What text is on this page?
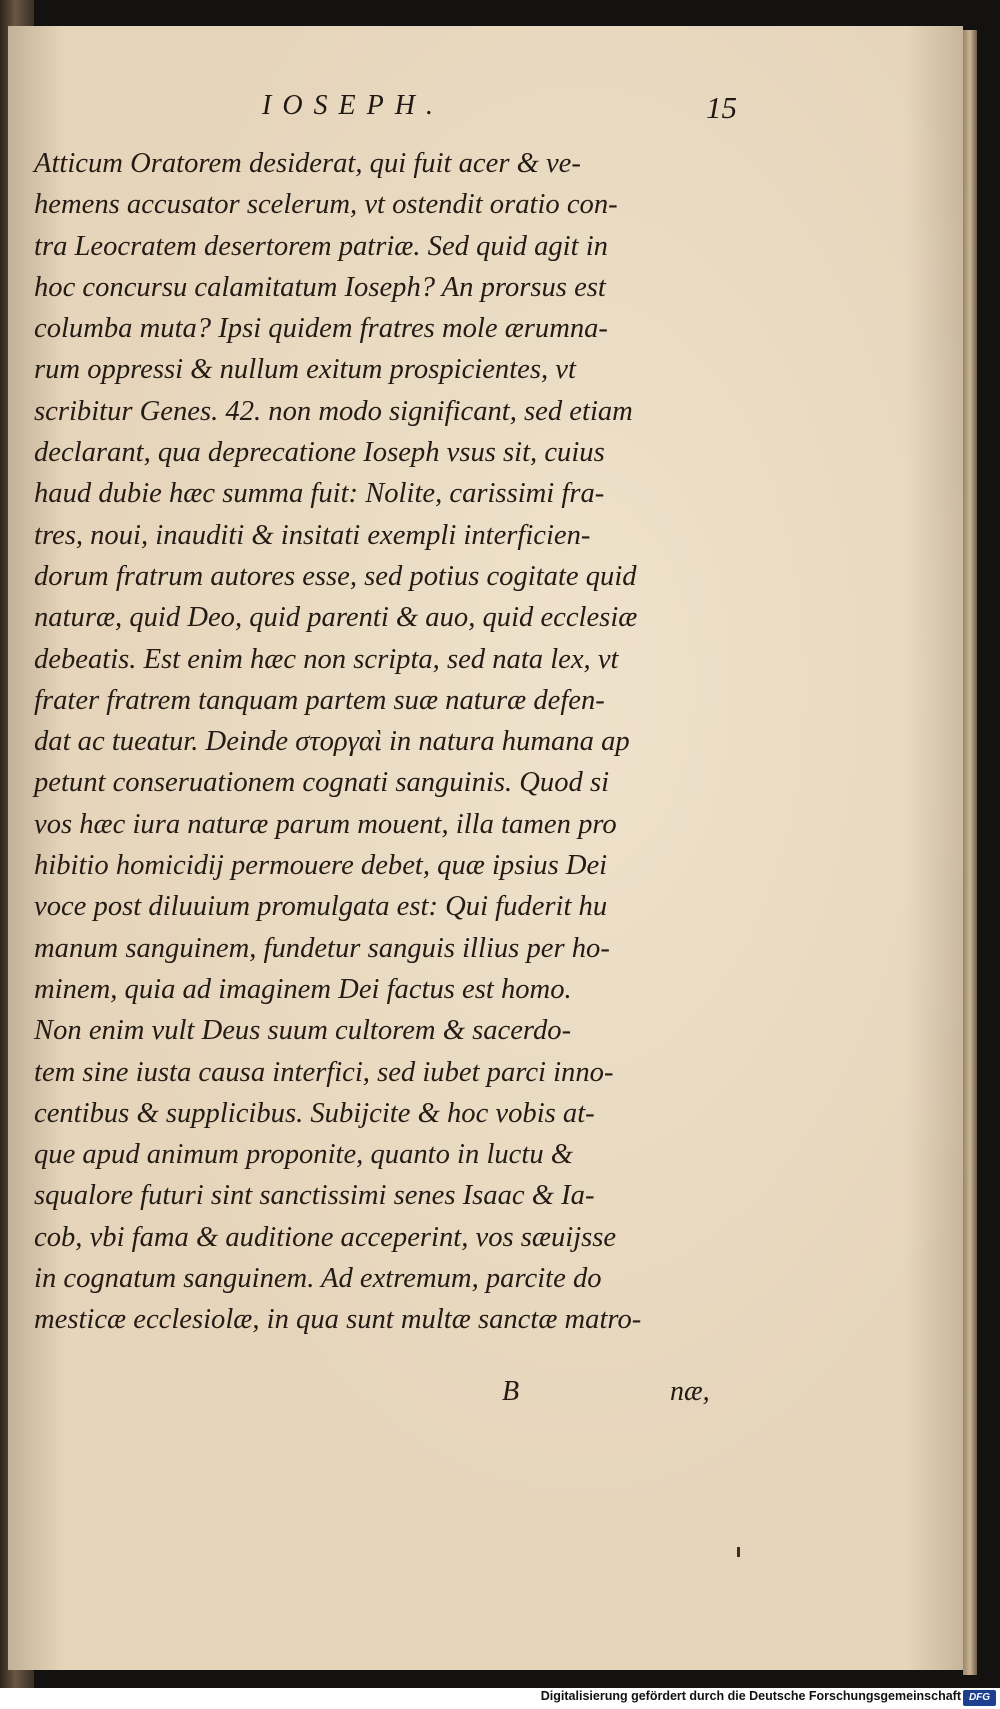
IOSEPH.	15
Atticum Oratorem desiderat, qui fuit acer & ve-
hemens accusator scelerum, vt ostendit oratio con-
tra Leocratem desertorem patriæ. Sed quid agit in
hoc concursu calamitatum Ioseph? An prorsus est
columba muta? Ipsi quidem fratres mole ærumna-
rum oppressi & nullum exitum prospicientes, vt
scribitur Genes. 42. non modo significant, sed etiam
declarant, qua deprecatione Ioseph vsus sit, cuius
haud dubie hæc summa fuit: Nolite, carissimi fra-
tres, noui, inauditi & insitati exempli interficien-
dorum fratrum autores esse, sed potius cogitate quid
naturæ, quid Deo, quid parenti & auo, quid ecclesiæ
debeatis. Est enim hæc non scripta, sed nata lex, vt
frater fratrem tanquam partem suæ naturæ defen-
dat ac tueatur. Deinde στοργαὶ in natura humana ap
petunt conseruationem cognati sanguinis. Quod si
vos hæc iura naturæ parum mouent, illa tamen pro
hibitio homicidij permouere debet, quæ ipsius Dei
voce post diluuium promulgata est: Qui fuderit hu
manum sanguinem, fundetur sanguis illius per ho-
minem, quia ad imaginem Dei factus est homo.
Non enim vult Deus suum cultorem & sacerdo-
tem sine iusta causa interfici, sed iubet parci inno-
centibus & supplicibus. Subijcite & hoc vobis at-
que apud animum proponite, quanto in luctu &
squalore futuri sint sanctissimi senes Isaac & Ia-
cob, vbi fama & auditione acceperint, vos sæuijsse
in cognatum sanguinem. Ad extremum, parcite do
mesticæ ecclesiolæ, in qua sunt multæ sanctæ matro-
B	næ,
Digitalisierung gefördert durch die Deutsche Forschungsgemeinschaft DFG
